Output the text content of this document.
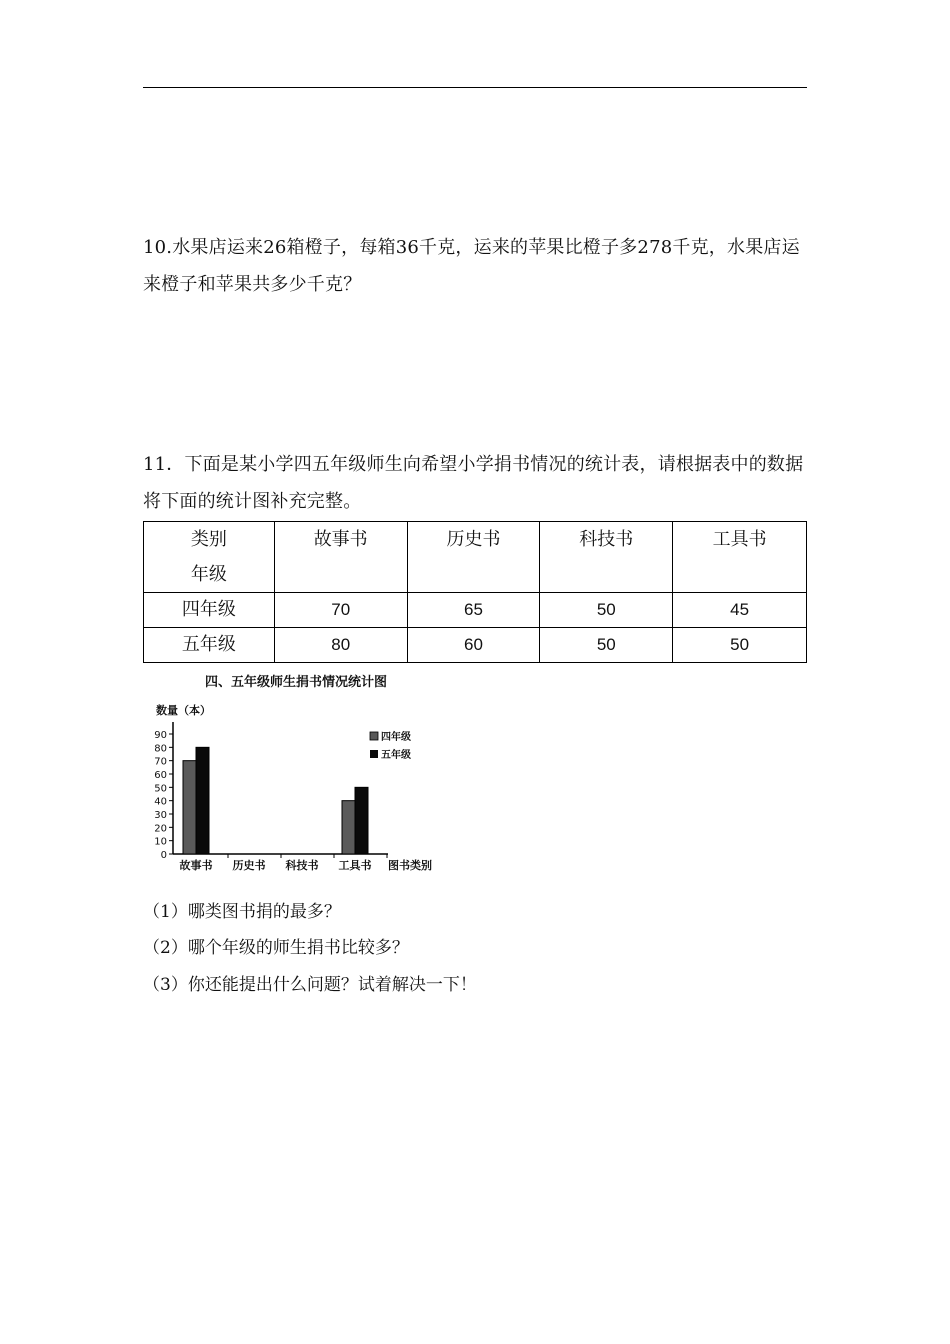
10.水果店运来26箱橙子，每箱36千克，运来的苹果比橙子多278千克，水果店运来橙子和苹果共多少千克？
11．下面是某小学四五年级师生向希望小学捐书情况的统计表，请根据表中的数据将下面的统计图补充完整。
类别
年级	故事书	历史书	科技书	工具书
四年级	70	65	50	45
五年级	80	60	50	50
四、五年级师生捐书情况统计图
数量（本）
0
10
20
30
40
50
60
70
80
90
故事书 历史书 科技书 工具书 图书类别
四年级
五年级
（1）哪类图书捐的最多？
（2）哪个年级的师生捐书比较多？
（3）你还能提出什么问题？试着解决一下！
